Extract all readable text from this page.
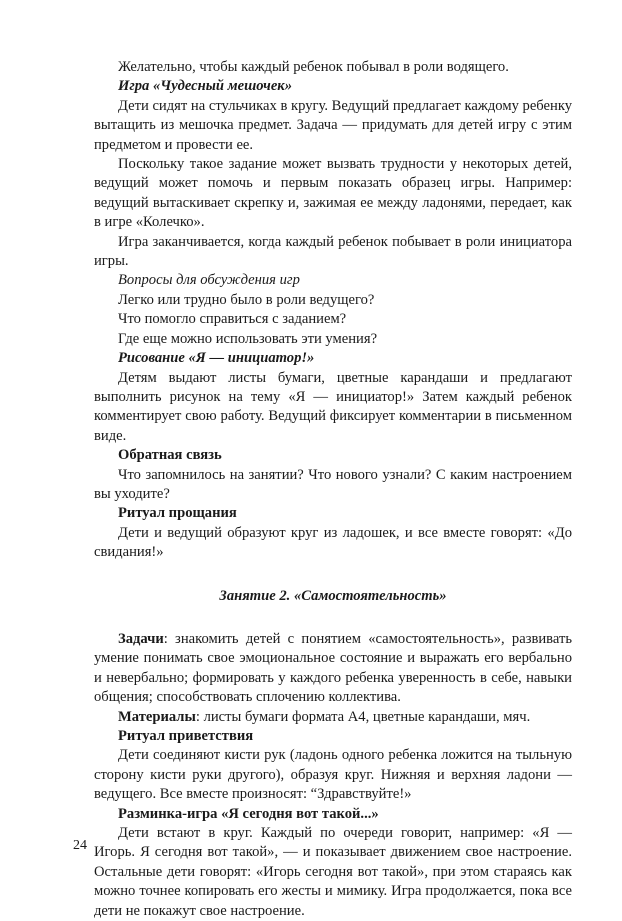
Желательно, чтобы каждый ребенок побывал в роли водящего.

Игра «Чудесный мешочек»

Дети сидят на стульчиках в кругу. Ведущий предлагает каждому ребенку вытащить из мешочка предмет. Задача — придумать для детей игру с этим предметом и провести ее.

Поскольку такое задание может вызвать трудности у некоторых детей, ведущий может помочь и первым показать образец игры. Например: ведущий вытаскивает скрепку и, зажимая ее между ладонями, передает, как в игре «Колечко».

Игра заканчивается, когда каждый ребенок побывает в роли инициатора игры.

Вопросы для обсуждения игр

Легко или трудно было в роли ведущего?

Что помогло справиться с заданием?

Где еще можно использовать эти умения?

Рисование «Я — инициатор!»

Детям выдают листы бумаги, цветные карандаши и предлагают выполнить рисунок на тему «Я — инициатор!» Затем каждый ребенок комментирует свою работу. Ведущий фиксирует комментарии в письменном виде.

Обратная связь

Что запомнилось на занятии? Что нового узнали? С каким настроением вы уходите?

Ритуал прощания

Дети и ведущий образуют круг из ладошек, и все вместе говорят: «До свидания!»

Занятие 2. «Самостоятельность»

Задачи: знакомить детей с понятием «самостоятельность», развивать умение понимать свое эмоциональное состояние и выражать его вербально и невербально; формировать у каждого ребенка уверенность в себе, навыки общения; способствовать сплочению коллектива.

Материалы: листы бумаги формата А4, цветные карандаши, мяч.

Ритуал приветствия

Дети соединяют кисти рук (ладонь одного ребенка ложится на тыльную сторону кисти руки другого), образуя круг. Нижняя и верхняя ладони — ведущего. Все вместе произносят: “Здравствуйте!»

Разминка-игра «Я сегодня вот такой...»

Дети встают в круг. Каждый по очереди говорит, например: «Я — Игорь. Я сегодня вот такой», — и показывает движением свое настроение. Остальные дети говорят: «Игорь сегодня вот такой», при этом стараясь как можно точнее копировать его жесты и мимику. Игра продолжается, пока все дети не покажут свое настроение.

24
